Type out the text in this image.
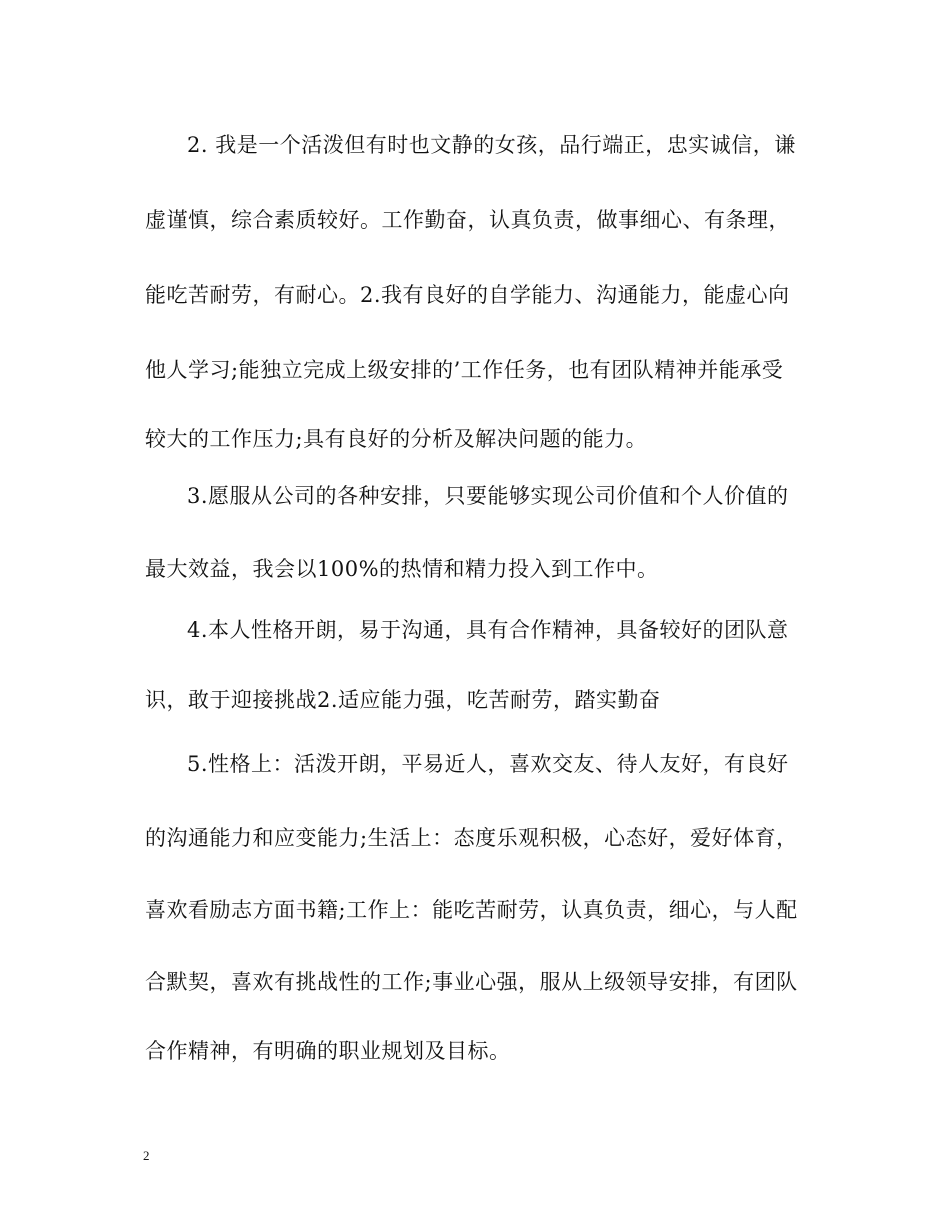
2. 我是一个活泼但有时也文静的女孩，品行端正，忠实诚信，谦
虚谨慎，综合素质较好。工作勤奋，认真负责，做事细心、有条理，
能吃苦耐劳，有耐心。2.我有良好的自学能力、沟通能力，能虚心向
他人学习;能独立完成上级安排的’工作任务，也有团队精神并能承受
较大的工作压力;具有良好的分析及解决问题的能力。
3.愿服从公司的各种安排，只要能够实现公司价值和个人价值的
最大效益，我会以100%的热情和精力投入到工作中。
4.本人性格开朗，易于沟通，具有合作精神，具备较好的团队意
识，敢于迎接挑战2.适应能力强，吃苦耐劳，踏实勤奋
5.性格上：活泼开朗，平易近人，喜欢交友、待人友好，有良好
的沟通能力和应变能力;生活上：态度乐观积极，心态好，爱好体育，
喜欢看励志方面书籍;工作上：能吃苦耐劳，认真负责，细心，与人配
合默契，喜欢有挑战性的工作;事业心强，服从上级领导安排，有团队
合作精神，有明确的职业规划及目标。
2
